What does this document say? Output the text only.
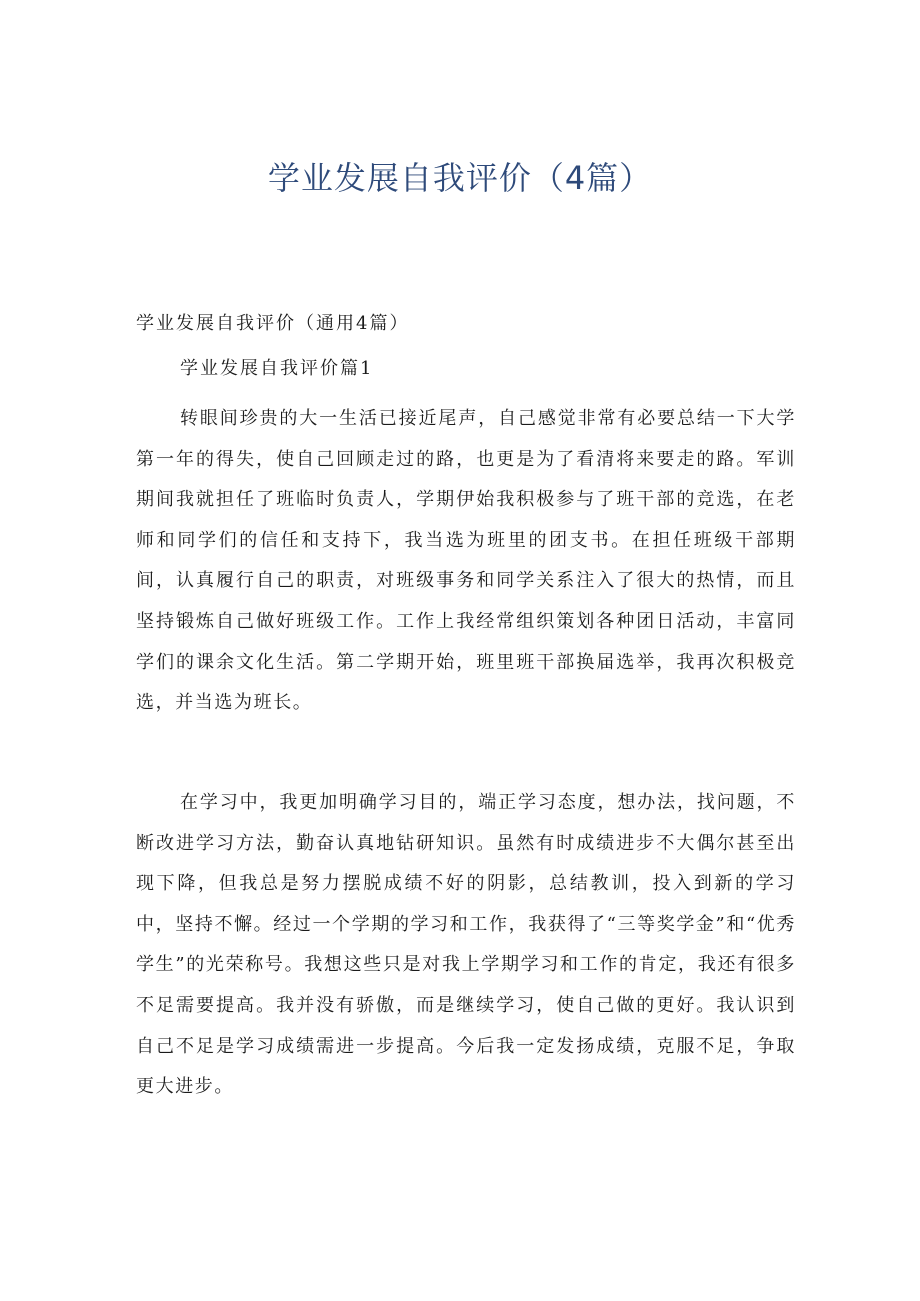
学业发展自我评价（4篇）

学业发展自我评价（通用4篇）

学业发展自我评价篇1

转眼间珍贵的大一生活已接近尾声，自己感觉非常有必要总结一下大学第一年的得失，使自己回顾走过的路，也更是为了看清将来要走的路。军训期间我就担任了班临时负责人，学期伊始我积极参与了班干部的竞选，在老师和同学们的信任和支持下，我当选为班里的团支书。在担任班级干部期间，认真履行自己的职责，对班级事务和同学关系注入了很大的热情，而且坚持锻炼自己做好班级工作。工作上我经常组织策划各种团日活动，丰富同学们的课余文化生活。第二学期开始，班里班干部换届选举，我再次积极竞选，并当选为班长。

在学习中，我更加明确学习目的，端正学习态度，想办法，找问题，不断改进学习方法，勤奋认真地钻研知识。虽然有时成绩进步不大偶尔甚至出现下降，但我总是努力摆脱成绩不好的阴影，总结教训，投入到新的学习中，坚持不懈。经过一个学期的学习和工作，我获得了“三等奖学金”和“优秀学生”的光荣称号。我想这些只是对我上学期学习和工作的肯定，我还有很多不足需要提高。我并没有骄傲，而是继续学习，使自己做的更好。我认识到自己不足是学习成绩需进一步提高。今后我一定发扬成绩，克服不足，争取更大进步。
